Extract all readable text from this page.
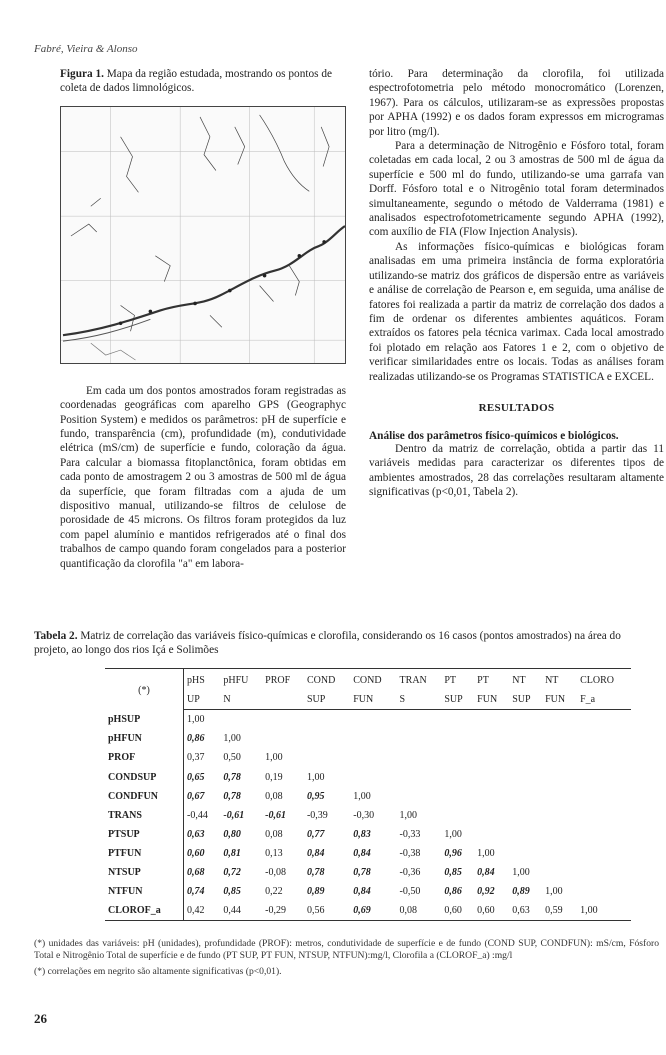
Fabré, Vieira & Alonso

Figura 1. Mapa da região estudada, mostrando os pontos de coleta de dados limnológicos.

Em cada um dos pontos amostrados foram registradas as coordenadas geográficas com aparelho GPS (Geographyc Position System) e medidos os parâmetros: pH de superfície e fundo, transparência (cm), profundidade (m), condutividade elétrica (mS/cm) de superfície e fundo, coloração da água. Para calcular a biomassa fitoplanctônica, foram obtidas em cada ponto de amostragem 2 ou 3 amostras de 500 ml de água da superfície, que foram filtradas com a ajuda de um dispositivo manual, utilizando-se filtros de celulose de porosidade de 45 microns. Os filtros foram protegidos da luz com papel alumínio e mantidos refrigerados até o final dos trabalhos de campo quando foram congelados para a posterior quantificação da clorofila "a" em labora-

tório. Para determinação da clorofila, foi utilizada espectrofotometria pelo método monocromático (Lorenzen, 1967). Para os cálculos, utilizaram-se as expressões propostas por APHA (1992) e os dados foram expressos em microgramas por litro (mg/l).

Para a determinação de Nitrogênio e Fósforo total, foram coletadas em cada local, 2 ou 3 amostras de 500 ml de água da superfície e 500 ml do fundo, utilizando-se uma garrafa van Dorff. Fósforo total e o Nitrogênio total foram determinados simultaneamente, segundo o método de Valderrama (1981) e analisados espectrofotometricamente segundo APHA (1992), com auxílio de FIA (Flow Injection Analysis).

As informações físico-químicas e biológicas foram analisadas em uma primeira instância de forma exploratória utilizando-se matriz dos gráficos de dispersão entre as variáveis e análise de correlação de Pearson e, em seguida, uma análise de fatores foi realizada a partir da matriz de correlação dos dados a fim de ordenar os diferentes ambientes aquáticos. Foram extraídos os fatores pela técnica varimax. Cada local amostrado foi plotado em relação aos Fatores 1 e 2, com o objetivo de verificar similaridades entre os locais. Todas as análises foram realizadas utilizando-se os Programas STATISTICA e EXCEL.

RESULTADOS

Análise dos parâmetros físico-químicos e biológicos.

Dentro da matriz de correlação, obtida a partir das 11 variáveis medidas para caracterizar os diferentes tipos de ambientes amostrados, 28 das correlações resultaram altamente significativas (p<0,01, Tabela 2).

Tabela 2. Matriz de correlação das variáveis físico-químicas e clorofila, considerando os 16 casos (pontos amostrados) na área do projeto, ao longo dos rios Içá e Solimões

(*)	pHS	pHFU	PROF	COND	COND	TRAN	PT	PT	NT	NT	CLORO
	UP	N		SUP	FUN	S	SUP	FUN	SUP	FUN	F_a
pHSUP	1,00										
pHFUN	0,86	1,00									
PROF	0,37	0,50	1,00								
CONDSUP	0,65	0,78	0,19	1,00							
CONDFUN	0,67	0,78	0,08	0,95	1,00						
TRANS	-0,44	-0,61	-0,61	-0,39	-0,30	1,00					
PTSUP	0,63	0,80	0,08	0,77	0,83	-0,33	1,00				
PTFUN	0,60	0,81	0,13	0,84	0,84	-0,38	0,96	1,00			
NTSUP	0,68	0,72	-0,08	0,78	0,78	-0,36	0,85	0,84	1,00		
NTFUN	0,74	0,85	0,22	0,89	0,84	-0,50	0,86	0,92	0,89	1,00	
CLOROF_a	0,42	0,44	-0,29	0,56	0,69	0,08	0,60	0,60	0,63	0,59	1,00

(*) unidades das variáveis: pH (unidades), profundidade (PROF): metros, condutividade de superfície e de fundo (COND SUP, CONDFUN): mS/cm, Fósforo Total e Nitrogênio Total de superfície e de fundo (PT SUP, PT FUN, NTSUP, NTFUN):mg/l, Clorofila a (CLOROF_a) :mg/l

(*) correlações em negrito são altamente significativas (p<0,01).

26
